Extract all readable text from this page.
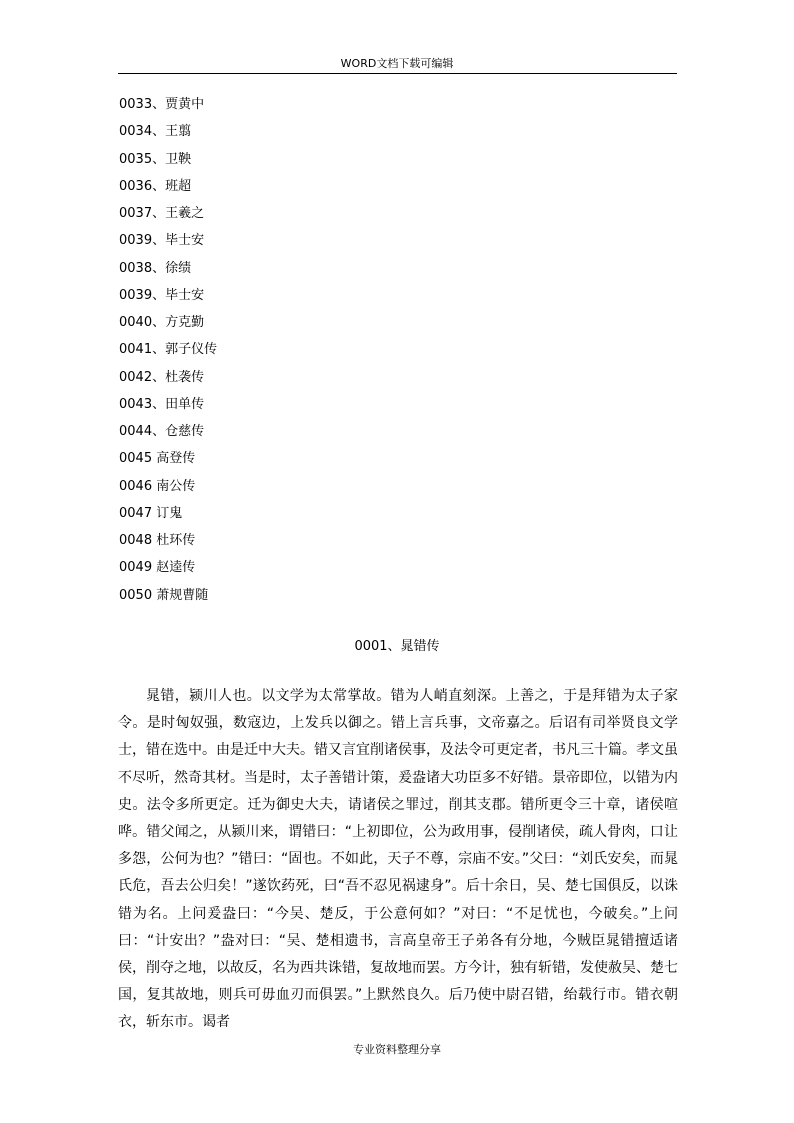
WORD文档下载可编辑
0033、贾黄中
0034、王翦
0035、卫鞅
0036、班超
0037、王羲之
0039、毕士安
0038、徐绩
0039、毕士安
0040、方克勤
0041、郭子仪传
0042、杜袭传
0043、田单传
0044、仓慈传
0045 高登传
0046 南公传
0047 订鬼
0048 杜环传
0049 赵逵传
0050 萧规曹随
0001、晁错传

晁错，颍川人也。以文学为太常掌故。错为人峭直刻深。上善之，于是拜错为太子家令。是时匈奴强，数寇边，上发兵以御之。错上言兵事，文帝嘉之。后诏有司举贤良文学士，错在选中。由是迁中大夫。错又言宜削诸侯事，及法令可更定者，书凡三十篇。孝文虽不尽听，然奇其材。当是时，太子善错计策，爰盎诸大功臣多不好错。景帝即位，以错为内史。法令多所更定。迁为御史大夫，请诸侯之罪过，削其支郡。错所更令三十章，诸侯喧哗。错父闻之，从颍川来，谓错曰：“上初即位，公为政用事，侵削诸侯，疏人骨肉，口让多怨，公何为也？”错曰：“固也。不如此，天子不尊，宗庙不安。”父曰：“刘氏安矣，而晁氏危，吾去公归矣！”遂饮药死，曰“吾不忍见祸逮身”。后十余日，吴、楚七国俱反，以诛错为名。上问爰盎曰：“今吴、楚反，于公意何如？”对曰：“不足忧也，今破矣。”上问曰：“计安出？”盎对曰：“吴、楚相遗书，言高皇帝王子弟各有分地，今贼臣晁错擅适诸侯，削夺之地，以故反，名为西共诛错，复故地而罢。方今计，独有斩错，发使赦吴、楚七国，复其故地，则兵可毋血刃而俱罢。”上默然良久。后乃使中尉召错，绐载行市。错衣朝衣，斩东市。谒者

专业资料整理分享
